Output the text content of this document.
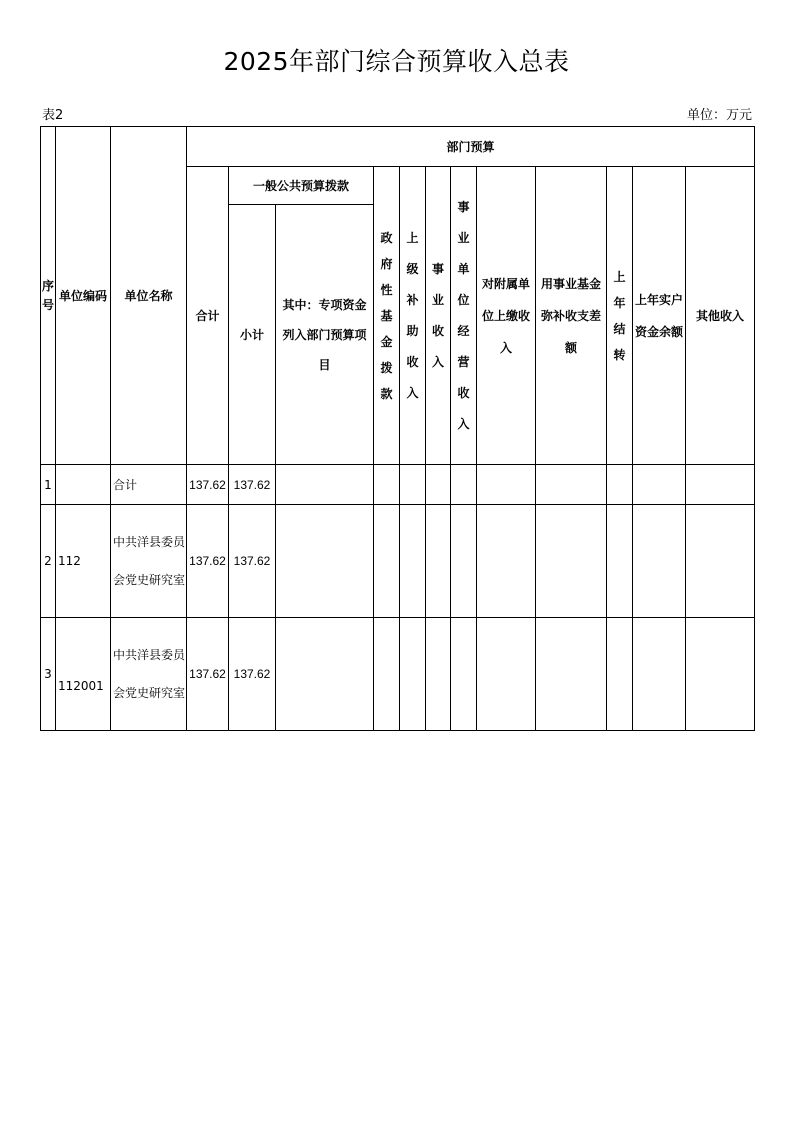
2025年部门综合预算收入总表
表2	单位：万元
序号	单位编码	单位名称	部门预算											
			合计	一般公共预算拨款		政府性基金拨款	上级补助收入	事业收入	事业单位经营收入	对附属单位上缴收入	用事业基金弥补收支差额	上年结转	上年实户资金余额	其他收入
				小计	其中：专项资金列入部门预算项目									

1		合计	137.62	137.62										
2	112	中共洋县委员会党史研究室	137.62	137.62										
3	112001	中共洋县委员会党史研究室	137.62	137.62										
